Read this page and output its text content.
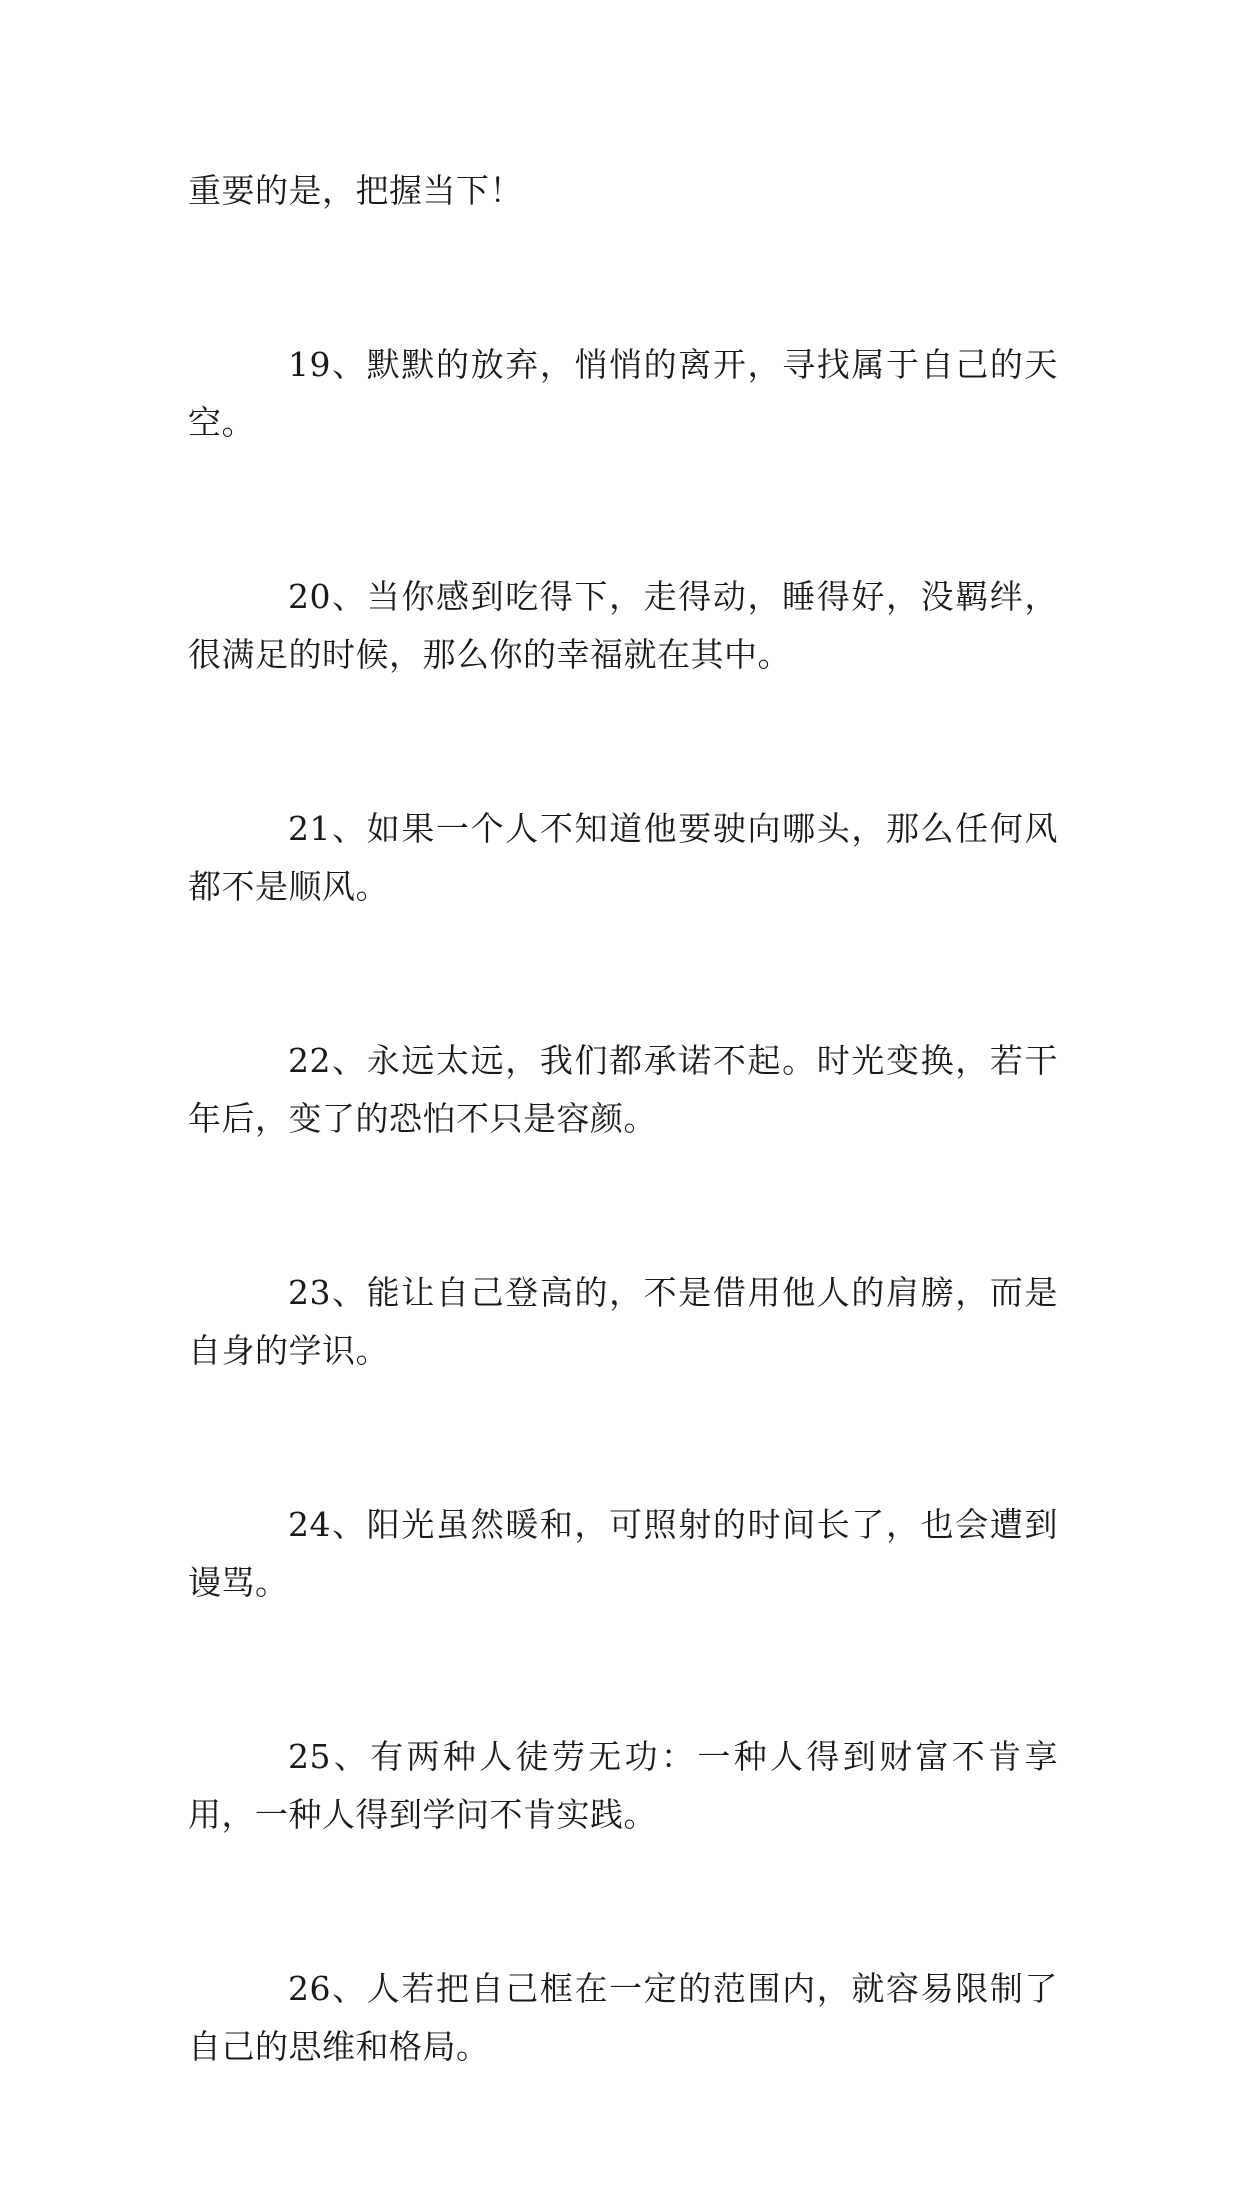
重要的是，把握当下！

19、默默的放弃，悄悄的离开，寻找属于自己的天空。

20、当你感到吃得下，走得动，睡得好，没羁绊，很满足的时候，那么你的幸福就在其中。

21、如果一个人不知道他要驶向哪头，那么任何风都不是顺风。

22、永远太远，我们都承诺不起。时光变换，若干年后，变了的恐怕不只是容颜。

23、能让自己登高的，不是借用他人的肩膀，而是自身的学识。

24、阳光虽然暖和，可照射的时间长了，也会遭到谩骂。

25、有两种人徒劳无功：一种人得到财富不肯享用，一种人得到学问不肯实践。

26、人若把自己框在一定的范围内，就容易限制了自己的思维和格局。
